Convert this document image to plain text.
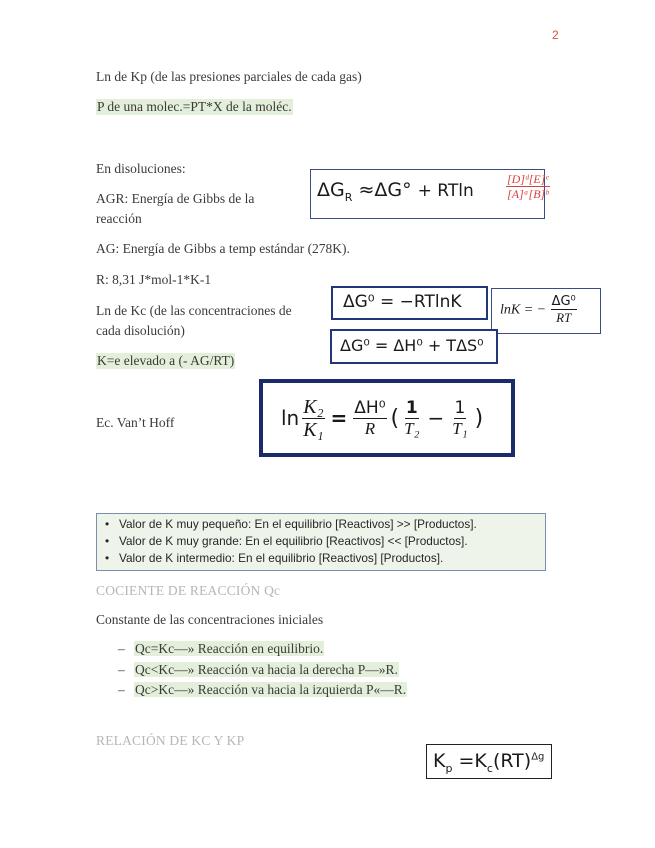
2
Ln de Kp (de las presiones parciales de cada gas)
P de una molec.=PT*X de la moléc.
En disoluciones:
AGR: Energía de Gibbs de la
reacción
AG: Energía de Gibbs a temp estándar (278K).
R: 8,31 J*mol-1*K-1
Ln de Kc (de las concentraciones de
cada disolución)
K=e elevado a (- AG/RT)
Ec. Van’t Hoff
$\Delta G_R \approx\Delta G^\circ + RTln$	$\frac{\text{[D]ᵈ[E]ᵉ}}{\text{[A]ᵃ[B]ᵇ}}$
ΔG⁰ = −RTlnK	lnK = − $\frac{\text{ΔG⁰}}{RT}$
ΔG⁰ = ΔH⁰ + TΔS⁰
$\ln \frac{\text{K₂}}{\text{K₁}} = \frac{\text{ΔH⁰}}{R}$ ( $\frac{1}{\text{T₂}} - \frac{1}{\text{T₁}}$ )
•   Valor de K muy pequeño: En el equilibrio [Reactivos] >> [Productos].
•   Valor de K muy grande: En el equilibrio [Reactivos] << [Productos].
•   Valor de K intermedio: En el equilibrio [Reactivos] [Productos].
COCIENTE DE REACCIÓN Qc
Constante de las concentraciones iniciales
– Qc=Kc—» Reacción en equilibrio.
– Qc<Kc—» Reacción va hacia la derecha P—»R.
– Qc>Kc—» Reacción va hacia la izquierda P«—R.
RELACIÓN DE KC Y KP
$K_p =K_c(RT)^{\Delta g}$
